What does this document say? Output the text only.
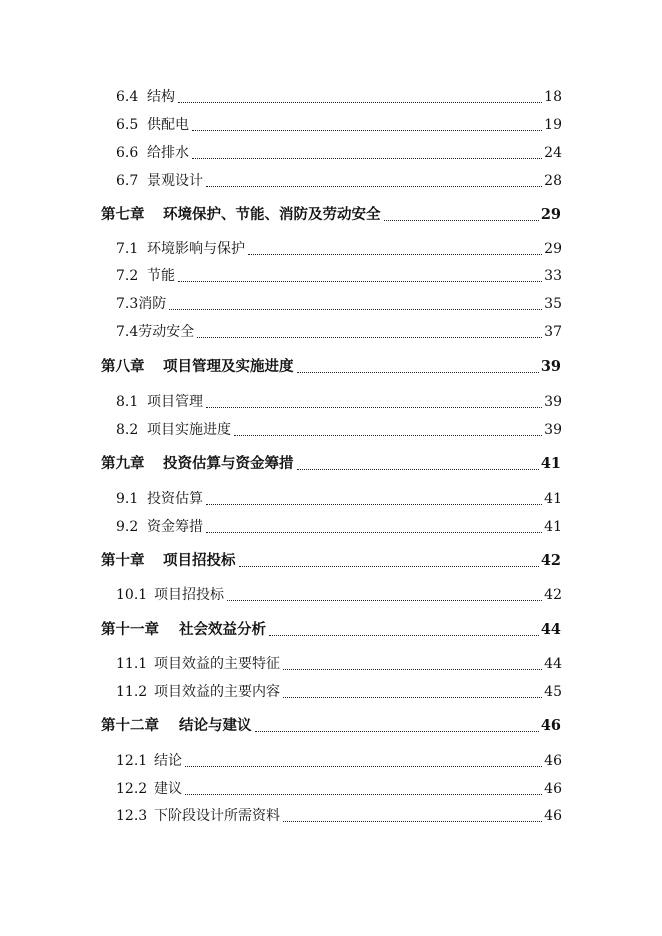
6.4 结构	18
6.5 供配电	19
6.6 给排水	24
6.7 景观设计	28
第七章	环境保护、节能、消防及劳动安全	29
7.1 环境影响与保护	29
7.2 节能	33
7.3 消防	35
7.4 劳动安全	37
第八章	项目管理及实施进度	39
8.1 项目管理	39
8.2 项目实施进度	39
第九章	投资估算与资金筹措	41
9.1 投资估算	41
9.2 资金筹措	41
第十章	项目招投标	42
10.1 项目招投标	42
第十一章	社会效益分析	44
11.1 项目效益的主要特征	44
11.2 项目效益的主要内容	45
第十二章	结论与建议	46
12.1 结论	46
12.2 建议	46
12.3 下阶段设计所需资料	46
